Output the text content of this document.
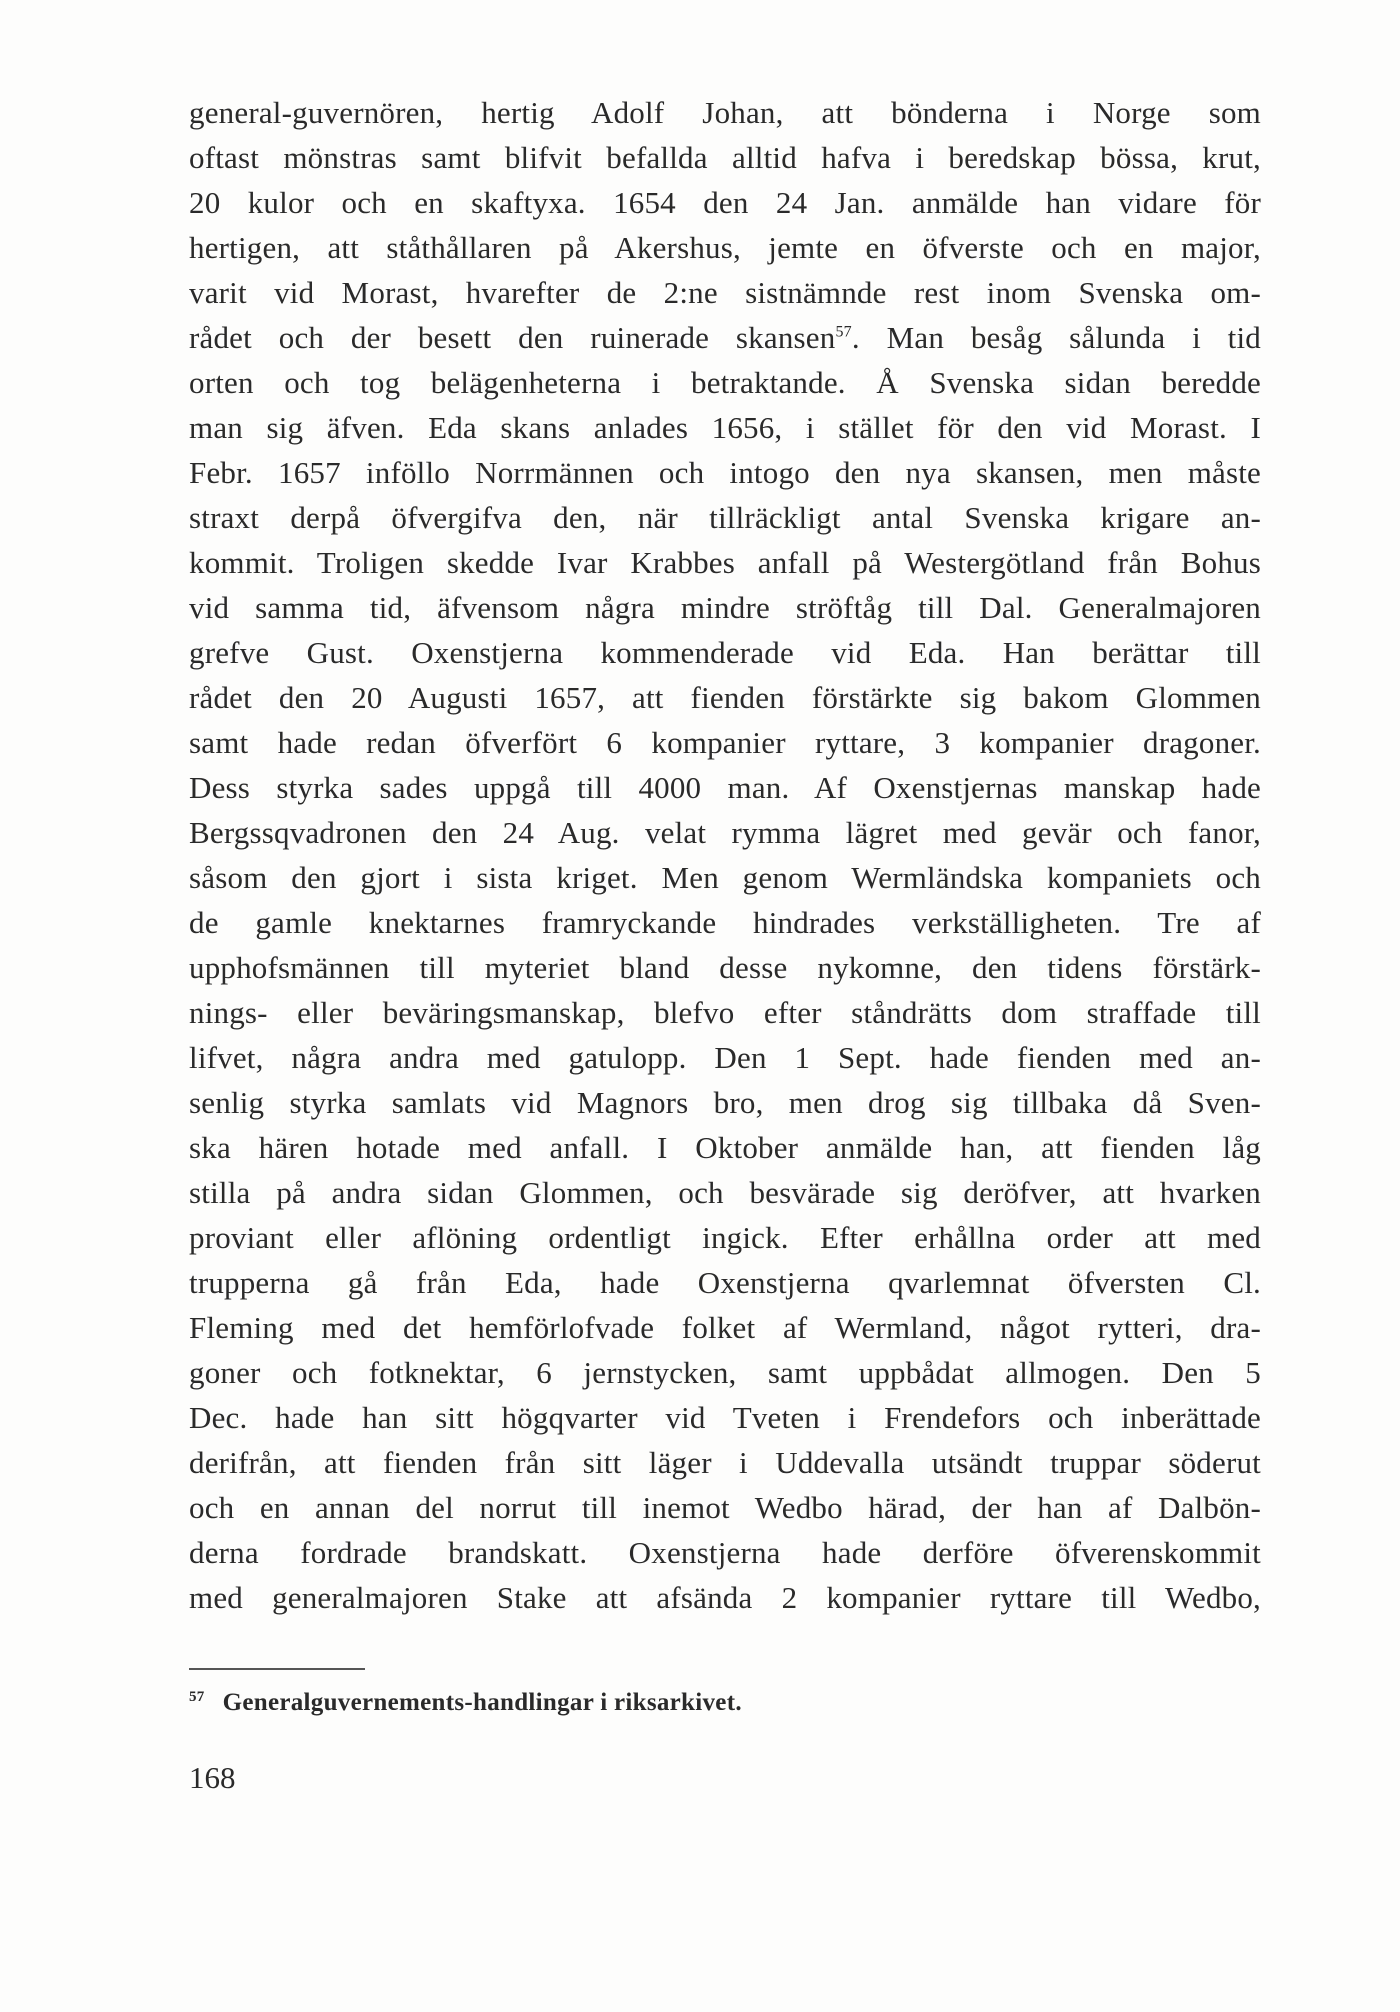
general-guvernören, hertig Adolf Johan, att bönderna i Norge som
oftast mönstras samt blifvit befallda alltid hafva i beredskap bössa, krut,
20 kulor och en skaftyxa. 1654 den 24 Jan. anmälde han vidare för
hertigen, att ståthållaren på Akershus, jemte en öfverste och en major,
varit vid Morast, hvarefter de 2:ne sistnämnde rest inom Svenska om-
rådet och der besett den ruinerade skansen$^{57}$. Man besåg sålunda i tid
orten och tog belägenheterna i betraktande. Å Svenska sidan beredde
man sig äfven. Eda skans anlades 1656, i stället för den vid Morast. I
Febr. 1657 inföllo Norrmännen och intogo den nya skansen, men måste
straxt derpå öfvergifva den, när tillräckligt antal Svenska krigare an-
kommit. Troligen skedde Ivar Krabbes anfall på Westergötland från Bohus
vid samma tid, äfvensom några mindre ströftåg till Dal. Generalmajoren
grefve Gust. Oxenstjerna kommenderade vid Eda. Han berättar till
rådet den 20 Augusti 1657, att fienden förstärkte sig bakom Glommen
samt hade redan öfverfört 6 kompanier ryttare, 3 kompanier dragoner.
Dess styrka sades uppgå till 4000 man. Af Oxenstjernas manskap hade
Bergssqvadronen den 24 Aug. velat rymma lägret med gevär och fanor,
såsom den gjort i sista kriget. Men genom Wermländska kompaniets och
de gamle knektarnes framryckande hindrades verkställigheten. Tre af
upphofsmännen till myteriet bland desse nykomne, den tidens förstärk-
nings- eller beväringsmanskap, blefvo efter ståndrätts dom straffade till
lifvet, några andra med gatulopp. Den 1 Sept. hade fienden med an-
senlig styrka samlats vid Magnors bro, men drog sig tillbaka då Sven-
ska hären hotade med anfall. I Oktober anmälde han, att fienden låg
stilla på andra sidan Glommen, och besvärade sig deröfver, att hvarken
proviant eller aflöning ordentligt ingick. Efter erhållna order att med
trupperna gå från Eda, hade Oxenstjerna qvarlemnat öfversten Cl.
Fleming med det hemförlofvade folket af Wermland, något rytteri, dra-
goner och fotknektar, 6 jernstycken, samt uppbådat allmogen. Den 5
Dec. hade han sitt högqvarter vid Tveten i Frendefors och inberättade
derifrån, att fienden från sitt läger i Uddevalla utsändt truppar söderut
och en annan del norrut till inemot Wedbo härad, der han af Dalbön-
derna fordrade brandskatt. Oxenstjerna hade derföre öfverenskommit
med generalmajoren Stake att afsända 2 kompanier ryttare till Wedbo,
$^{57}$ Generalguvernements-handlingar i riksarkivet.
168
